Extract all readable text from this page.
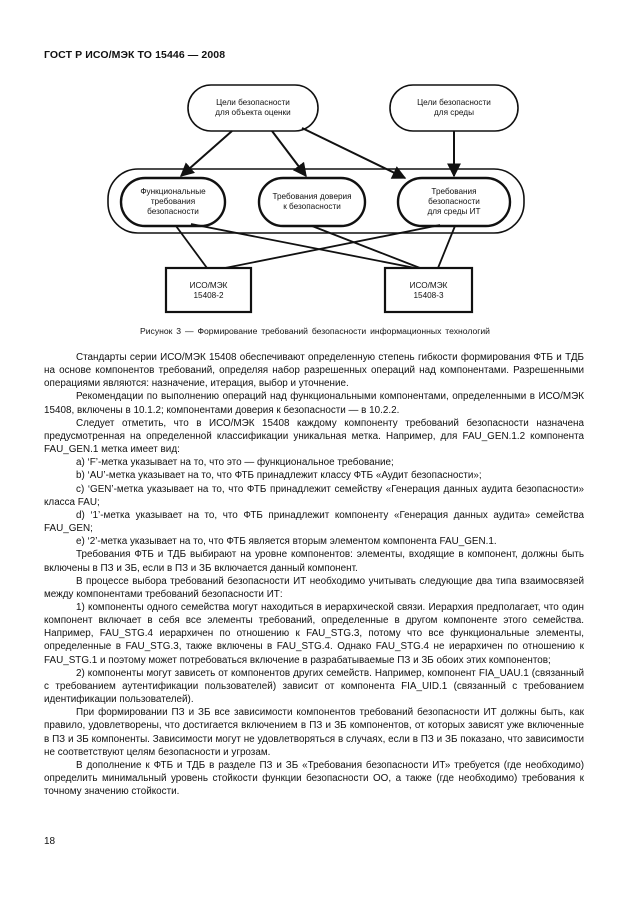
ГОСТ Р ИСО/МЭК ТО 15446 — 2008
Цели безопасности
для объекта оценки
Цели безопасности
для среды
Функциональные
требования
безопасности
Требования доверия
к безопасности
Требования
безопасности
для среды ИТ
ИСО/МЭК
15408-2
ИСО/МЭК
15408-3
Рисунок 3 — Формирование требований безопасности информационных технологий

Стандарты серии ИСО/МЭК 15408 обеспечивают определенную степень гибкости формирования ФТБ и ТДБ на основе компонентов требований, определяя набор разрешенных операций над компонентами. Разрешенными операциями являются: назначение, итерация, выбор и уточнение.

Рекомендации по выполнению операций над функциональными компонентами, определенными в ИСО/МЭК 15408, включены в 10.1.2; компонентами доверия к безопасности — в 10.2.2.

Следует отметить, что в ИСО/МЭК 15408 каждому компоненту требований безопасности назначена предусмотренная на определенной классификации уникальная метка. Например, для FAU_GEN.1.2 компонента FAU_GEN.1 метка имеет вид:

a) ‘F’-метка указывает на то, что это — функциональное требование;

b) ‘AU’-метка указывает на то, что ФТБ принадлежит классу ФТБ «Аудит безопасности»;

c) ‘GEN’-метка указывает на то, что ФТБ принадлежит семейству «Генерация данных аудита безопасности» класса FAU;

d) ‘1’-метка указывает на то, что ФТБ принадлежит компоненту «Генерация данных аудита» семейства FAU_GEN;

e) ‘2’-метка указывает на то, что ФТБ является вторым элементом компонента FAU_GEN.1.

Требования ФТБ и ТДБ выбирают на уровне компонентов: элементы, входящие в компонент, должны быть включены в ПЗ и ЗБ, если в ПЗ и ЗБ включается данный компонент.

В процессе выбора требований безопасности ИТ необходимо учитывать следующие два типа взаимосвязей между компонентами требований безопасности ИТ:

1) компоненты одного семейства могут находиться в иерархической связи. Иерархия предполагает, что один компонент включает в себя все элементы требований, определенные в другом компоненте этого семейства. Например, FAU_STG.4 иерархичен по отношению к FAU_STG.3, потому что все функциональные элементы, определенные в FAU_STG.3, также включены в FAU_STG.4. Однако FAU_STG.4 не иерархичен по отношению к FAU_STG.1 и поэтому может потребоваться включение в разрабатываемые ПЗ и ЗБ обоих этих компонентов;

2) компоненты могут зависеть от компонентов других семейств. Например, компонент FIA_UAU.1 (связанный с требованием аутентификации пользователей) зависит от компонента FIA_UID.1 (связанный с требованием идентификации пользователей).

При формировании ПЗ и ЗБ все зависимости компонентов требований безопасности ИТ должны быть, как правило, удовлетворены, что достигается включением в ПЗ и ЗБ компонентов, от которых зависят уже включенные в ПЗ и ЗБ компоненты. Зависимости могут не удовлетворяться в случаях, если в ПЗ и ЗБ показано, что зависимости не соответствуют целям безопасности и угрозам.

В дополнение к ФТБ и ТДБ в разделе ПЗ и ЗБ «Требования безопасности ИТ» требуется (где необходимо) определить минимальный уровень стойкости функции безопасности ОО, а также (где необходимо) требования к точному значению стойкости.

18
